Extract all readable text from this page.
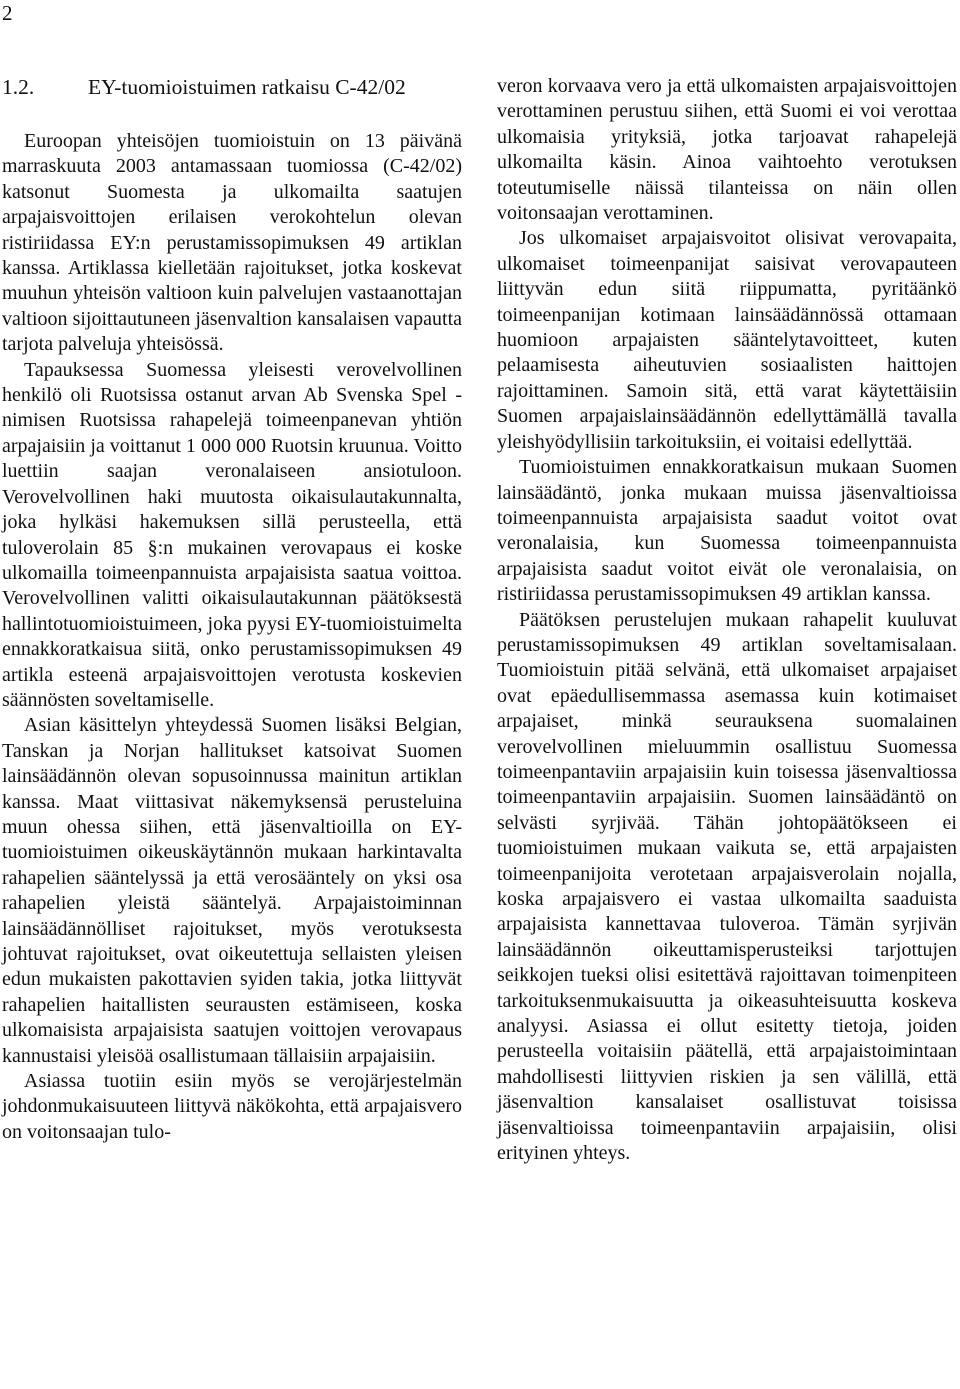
2
1.2.	EY-tuomioistuimen ratkaisu C-42/02

Euroopan yhteisöjen tuomioistuin on 13 päivänä marraskuuta 2003 antamassaan tuomiossa (C-42/02) katsonut Suomesta ja ulkomailta saatujen arpajaisvoittojen erilaisen verokohtelun olevan ristiriidassa EY:n perustamissopimuksen 49 artiklan kanssa. Artiklassa kielletään rajoitukset, jotka koskevat muuhun yhteisön valtioon kuin palvelujen vastaanottajan valtioon sijoittautuneen jäsenvaltion kansalaisen vapautta tarjota palveluja yhteisössä.

Tapauksessa Suomessa yleisesti verovelvollinen henkilö oli Ruotsissa ostanut arvan Ab Svenska Spel -nimisen Ruotsissa rahapelejä toimeenpanevan yhtiön arpajaisiin ja voittanut 1 000 000 Ruotsin kruunua. Voitto luettiin saajan veronalaiseen ansiotuloon. Verovelvollinen haki muutosta oikaisulautakunnalta, joka hylkäsi hakemuksen sillä perusteella, että tuloverolain 85 §:n mukainen verovapaus ei koske ulkomailla toimeenpannuista arpajaisista saatua voittoa. Verovelvollinen valitti oikaisulautakunnan päätöksestä hallintotuomioistuimeen, joka pyysi EY-tuomioistuimelta ennakkoratkaisua siitä, onko perustamissopimuksen 49 artikla esteenä arpajaisvoittojen verotusta koskevien säännösten soveltamiselle.

Asian käsittelyn yhteydessä Suomen lisäksi Belgian, Tanskan ja Norjan hallitukset katsoivat Suomen lainsäädännön olevan sopusoinnussa mainitun artiklan kanssa. Maat viittasivat näkemyksensä perusteluina muun ohessa siihen, että jäsenvaltioilla on EY-tuomioistuimen oikeuskäytännön mukaan harkintavalta rahapelien sääntelyssä ja että verosääntely on yksi osa rahapelien yleistä sääntelyä. Arpajaistoiminnan lainsäädännölliset rajoitukset, myös verotuksesta johtuvat rajoitukset, ovat oikeutettuja sellaisten yleisen edun mukaisten pakottavien syiden takia, jotka liittyvät rahapelien haitallisten seurausten estämiseen, koska ulkomaisista arpajaisista saatujen voittojen verovapaus kannustaisi yleisöä osallistumaan tällaisiin arpajaisiin.

Asiassa tuotiin esiin myös se verojärjestelmän johdonmukaisuuteen liittyvä näkökohta, että arpajaisvero on voitonsaajan tulo-

veron korvaava vero ja että ulkomaisten arpajaisvoittojen verottaminen perustuu siihen, että Suomi ei voi verottaa ulkomaisia yrityksiä, jotka tarjoavat rahapelejä ulkomailta käsin. Ainoa vaihtoehto verotuksen toteutumiselle näissä tilanteissa on näin ollen voitonsaajan verottaminen.

Jos ulkomaiset arpajaisvoitot olisivat verovapaita, ulkomaiset toimeenpanijat saisivat verovapauteen liittyvän edun siitä riippumatta, pyritäänkö toimeenpanijan kotimaan lainsäädännössä ottamaan huomioon arpajaisten sääntelytavoitteet, kuten pelaamisesta aiheutuvien sosiaalisten haittojen rajoittaminen. Samoin sitä, että varat käytettäisiin Suomen arpajaislainsäädännön edellyttämällä tavalla yleishyödyllisiin tarkoituksiin, ei voitaisi edellyttää.

Tuomioistuimen ennakkoratkaisun mukaan Suomen lainsäädäntö, jonka mukaan muissa jäsenvaltioissa toimeenpannuista arpajaisista saadut voitot ovat veronalaisia, kun Suomessa toimeenpannuista arpajaisista saadut voitot eivät ole veronalaisia, on ristiriidassa perustamissopimuksen 49 artiklan kanssa.

Päätöksen perustelujen mukaan rahapelit kuuluvat perustamissopimuksen 49 artiklan soveltamisalaan. Tuomioistuin pitää selvänä, että ulkomaiset arpajaiset ovat epäedullisemmassa asemassa kuin kotimaiset arpajaiset, minkä seurauksena suomalainen verovelvollinen mieluummin osallistuu Suomessa toimeenpantaviin arpajaisiin kuin toisessa jäsenvaltiossa toimeenpantaviin arpajaisiin. Suomen lainsäädäntö on selvästi syrjivää. Tähän johtopäätökseen ei tuomioistuimen mukaan vaikuta se, että arpajaisten toimeenpanijoita verotetaan arpajaisverolain nojalla, koska arpajaisvero ei vastaa ulkomailta saaduista arpajaisista kannettavaa tuloveroa. Tämän syrjivän lainsäädännön oikeuttamisperusteiksi tarjottujen seikkojen tueksi olisi esitettävä rajoittavan toimenpiteen tarkoituksenmukaisuutta ja oikeasuhteisuutta koskeva analyysi. Asiassa ei ollut esitetty tietoja, joiden perusteella voitaisiin päätellä, että arpajaistoimintaan mahdollisesti liittyvien riskien ja sen välillä, että jäsenvaltion kansalaiset osallistuvat toisissa jäsenvaltioissa toimeenpantaviin arpajaisiin, olisi erityinen yhteys.
